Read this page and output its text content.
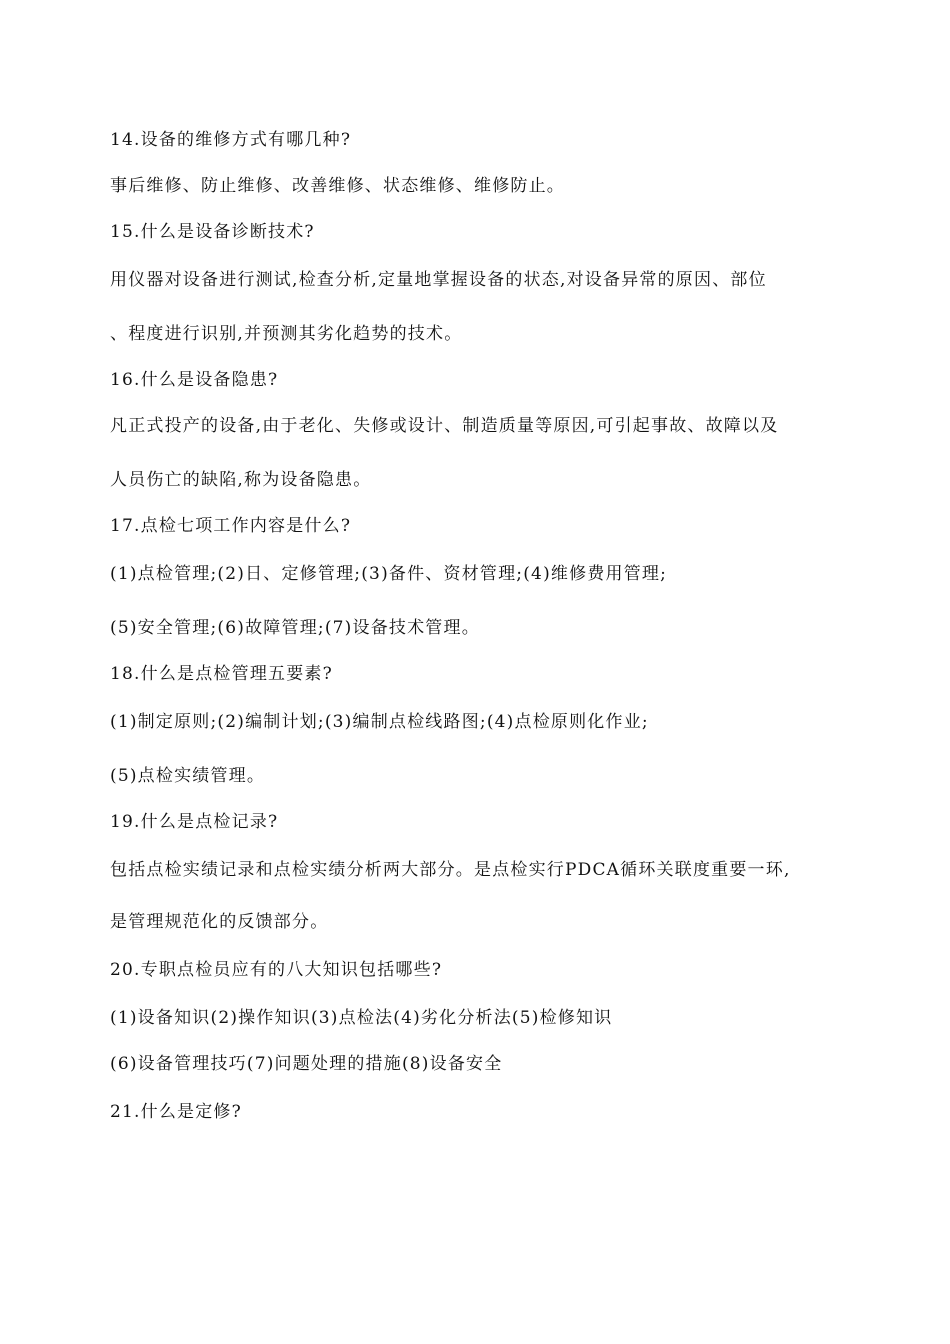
14.设备的维修方式有哪几种?
事后维修、防止维修、改善维修、状态维修、维修防止。
15.什么是设备诊断技术?
用仪器对设备进行测试,检查分析,定量地掌握设备的状态,对设备异常的原因、部位
、程度进行识别,并预测其劣化趋势的技术。
16.什么是设备隐患?
凡正式投产的设备,由于老化、失修或设计、制造质量等原因,可引起事故、故障以及
人员伤亡的缺陷,称为设备隐患。
17.点检七项工作内容是什么?
(1)点检管理;(2)日、定修管理;(3)备件、资材管理;(4)维修费用管理;
(5)安全管理;(6)故障管理;(7)设备技术管理。
18.什么是点检管理五要素?
(1)制定原则;(2)编制计划;(3)编制点检线路图;(4)点检原则化作业;
(5)点检实绩管理。
19.什么是点检记录?
包括点检实绩记录和点检实绩分析两大部分。是点检实行PDCA循环关联度重要一环,
是管理规范化的反馈部分。
20.专职点检员应有的八大知识包括哪些?
(1)设备知识(2)操作知识(3)点检法(4)劣化分析法(5)检修知识
(6)设备管理技巧(7)问题处理的措施(8)设备安全
21.什么是定修?
